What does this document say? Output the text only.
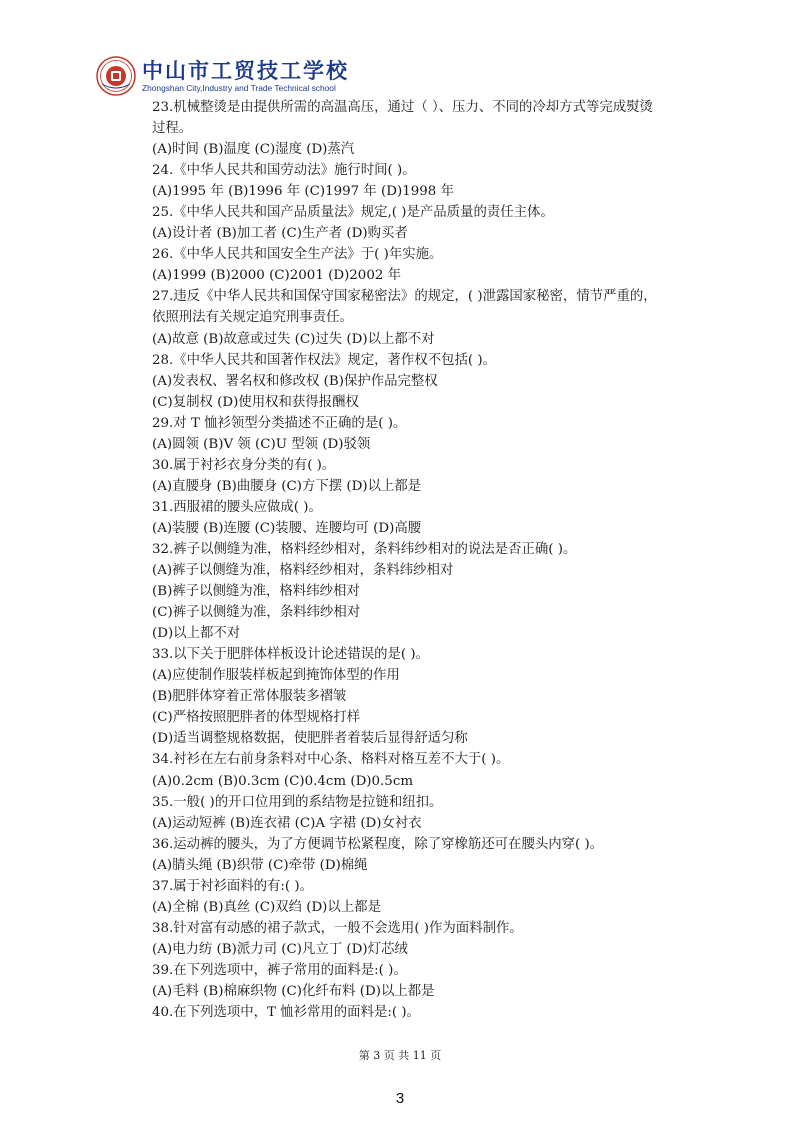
中山市工贸技工学校
Zhongshan City,Industry and Trade Technical school
23.机械整烫是由提供所需的高温高压，通过（ ）、压力、不同的冷却方式等完成熨烫
过程。
(A)时间 (B)温度 (C)湿度 (D)蒸汽
24.《中华人民共和国劳动法》施行时间( )。
(A)1995 年 (B)1996 年 (C)1997 年 (D)1998 年
25.《中华人民共和国产品质量法》规定,( )是产品质量的责任主体。
(A)设计者 (B)加工者 (C)生产者 (D)购买者
26.《中华人民共和国安全生产法》于( )年实施。
(A)1999 (B)2000 (C)2001 (D)2002 年
27.违反《中华人民共和国保守国家秘密法》的规定，( )泄露国家秘密，情节严重的，
依照刑法有关规定追究刑事责任。
(A)故意 (B)故意或过失 (C)过失 (D)以上都不对
28.《中华人民共和国著作权法》规定，著作权不包括( )。
(A)发表权、署名权和修改权 (B)保护作品完整权
(C)复制权 (D)使用权和获得报酬权
29.对 T 恤衫领型分类描述不正确的是( )。
(A)圆领 (B)V 领 (C)U 型领 (D)驳领
30.属于衬衫衣身分类的有( )。
(A)直腰身 (B)曲腰身 (C)方下摆 (D)以上都是
31.西服裙的腰头应做成( )。
(A)装腰 (B)连腰 (C)装腰、连腰均可 (D)高腰
32.裤子以侧缝为准，格料经纱相对，条料纬纱相对的说法是否正确( )。
(A)裤子以侧缝为准，格料经纱相对，条料纬纱相对
(B)裤子以侧缝为准，格料纬纱相对
(C)裤子以侧缝为准，条料纬纱相对
(D)以上都不对
33.以下关于肥胖体样板设计论述错误的是( )。
(A)应使制作服装样板起到掩饰体型的作用
(B)肥胖体穿着正常体服装多褶皱
(C)严格按照肥胖者的体型规格打样
(D)适当调整规格数据，使肥胖者着装后显得舒适匀称
34.衬衫在左右前身条料对中心条、格料对格互差不大于( )。
(A)0.2cm (B)0.3cm (C)0.4cm (D)0.5cm
35.一般( )的开口位用到的系结物是拉链和纽扣。
(A)运动短裤 (B)连衣裙 (C)A 字裙 (D)女衬衣
36.运动裤的腰头，为了方便调节松紧程度，除了穿橡筋还可在腰头内穿( )。
(A)腈头绳 (B)织带 (C)牵带 (D)棉绳
37.属于衬衫面料的有:( )。
(A)全棉 (B)真丝 (C)双绉 (D)以上都是
38.针对富有动感的裙子款式，一般不会选用( )作为面料制作。
(A)电力纺 (B)派力司 (C)凡立丁 (D)灯芯绒
39.在下列选项中，裤子常用的面料是:( )。
(A)毛料 (B)棉麻织物 (C)化纤布料 (D)以上都是
40.在下列选项中，T 恤衫常用的面料是:( )。
第 3 页 共 11 页
3
